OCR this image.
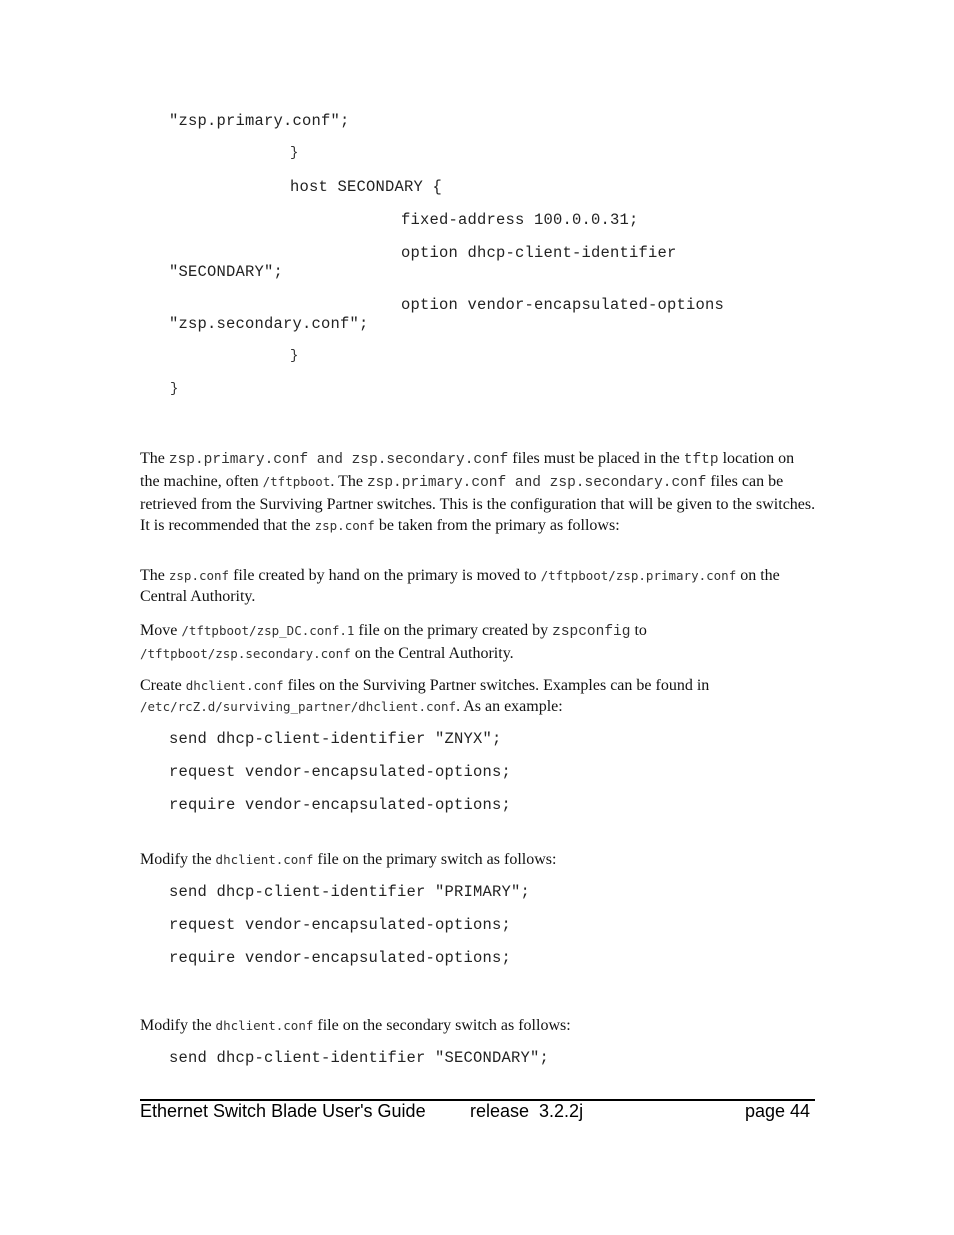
"zsp.primary.conf";
}
host SECONDARY {
fixed-address 100.0.0.31;
option dhcp-client-identifier
"SECONDARY";
option vendor-encapsulated-options
"zsp.secondary.conf";
}
}
The zsp.primary.conf and zsp.secondary.conf files must be placed in the tftp location on the machine, often /tftpboot. The zsp.primary.conf and zsp.secondary.conf files can be retrieved from the Surviving Partner switches. This is the configuration that will be given to the switches. It is recommended that the zsp.conf be taken from the primary as follows:
The zsp.conf file created by hand on the primary is moved to /tftpboot/zsp.primary.conf on the Central Authority.
Move /tftpboot/zsp_DC.conf.1 file on the primary created by zspconfig to /tftpboot/zsp.secondary.conf on the Central Authority.
Create dhclient.conf files on the Surviving Partner switches. Examples can be found in /etc/rcZ.d/surviving_partner/dhclient.conf. As an example:
send dhcp-client-identifier "ZNYX";
request vendor-encapsulated-options;
require vendor-encapsulated-options;
Modify the dhclient.conf file on the primary switch as follows:
send dhcp-client-identifier "PRIMARY";
request vendor-encapsulated-options;
require vendor-encapsulated-options;
Modify the dhclient.conf file on the secondary switch as follows:
send dhcp-client-identifier "SECONDARY";
Ethernet Switch Blade User's Guide release  3.2.2j	page 44
